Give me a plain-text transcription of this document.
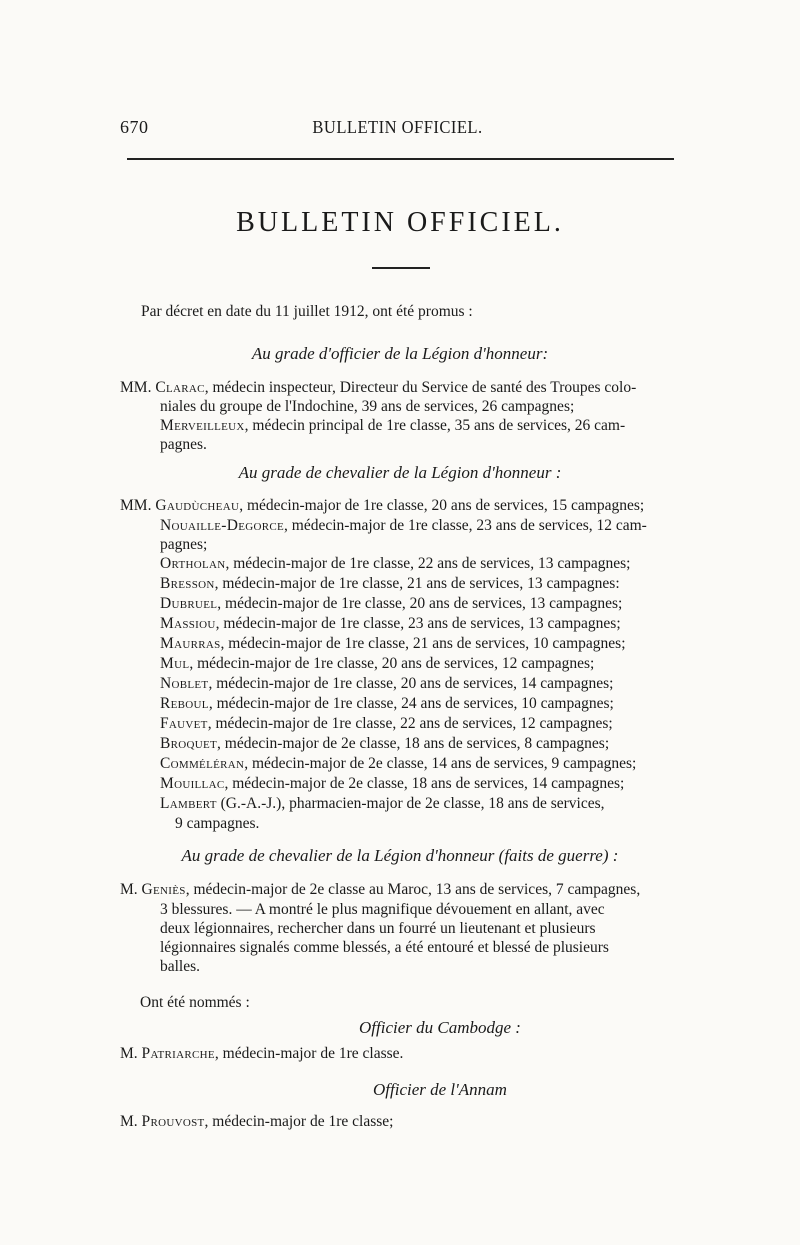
670	BULLETIN OFFICIEL.
BULLETIN OFFICIEL.
Par décret en date du 11 juillet 1912, ont été promus :
Au grade d'officier de la Légion d'honneur:
MM. Clarac, médecin inspecteur, Directeur du Service de santé des Troupes colo-
niales du groupe de l'Indochine, 39 ans de services, 26 campagnes;
Merveilleux, médecin principal de 1re classe, 35 ans de services, 26 cam-
pagnes.
Au grade de chevalier de la Légion d'honneur :
MM. Gaudùcheau, médecin-major de 1re classe, 20 ans de services, 15 campagnes;
Nouaille-Degorce, médecin-major de 1re classe, 23 ans de services, 12 cam-
pagnes;
Ortholan, médecin-major de 1re classe, 22 ans de services, 13 campagnes;
Bresson, médecin-major de 1re classe, 21 ans de services, 13 campagnes:
Dubruel, médecin-major de 1re classe, 20 ans de services, 13 campagnes;
Massiou, médecin-major de 1re classe, 23 ans de services, 13 campagnes;
Maurras, médecin-major de 1re classe, 21 ans de services, 10 campagnes;
Mul, médecin-major de 1re classe, 20 ans de services, 12 campagnes;
Noblet, médecin-major de 1re classe, 20 ans de services, 14 campagnes;
Reboul, médecin-major de 1re classe, 24 ans de services, 10 campagnes;
Fauvet, médecin-major de 1re classe, 22 ans de services, 12 campagnes;
Broquet, médecin-major de 2e classe, 18 ans de services, 8 campagnes;
Comméléran, médecin-major de 2e classe, 14 ans de services, 9 campagnes;
Mouillac, médecin-major de 2e classe, 18 ans de services, 14 campagnes;
Lambert (G.-A.-J.), pharmacien-major de 2e classe, 18 ans de services,
9 campagnes.
Au grade de chevalier de la Légion d'honneur (faits de guerre) :
M. Geniès, médecin-major de 2e classe au Maroc, 13 ans de services, 7 campagnes,
3 blessures. — A montré le plus magnifique dévouement en allant, avec
deux légionnaires, rechercher dans un fourré un lieutenant et plusieurs
légionnaires signalés comme blessés, a été entouré et blessé de plusieurs
balles.
Ont été nommés :
Officier du Cambodge :
M. Patriarche, médecin-major de 1re classe.
Officier de l'Annam
M. Prouvost, médecin-major de 1re classe;
